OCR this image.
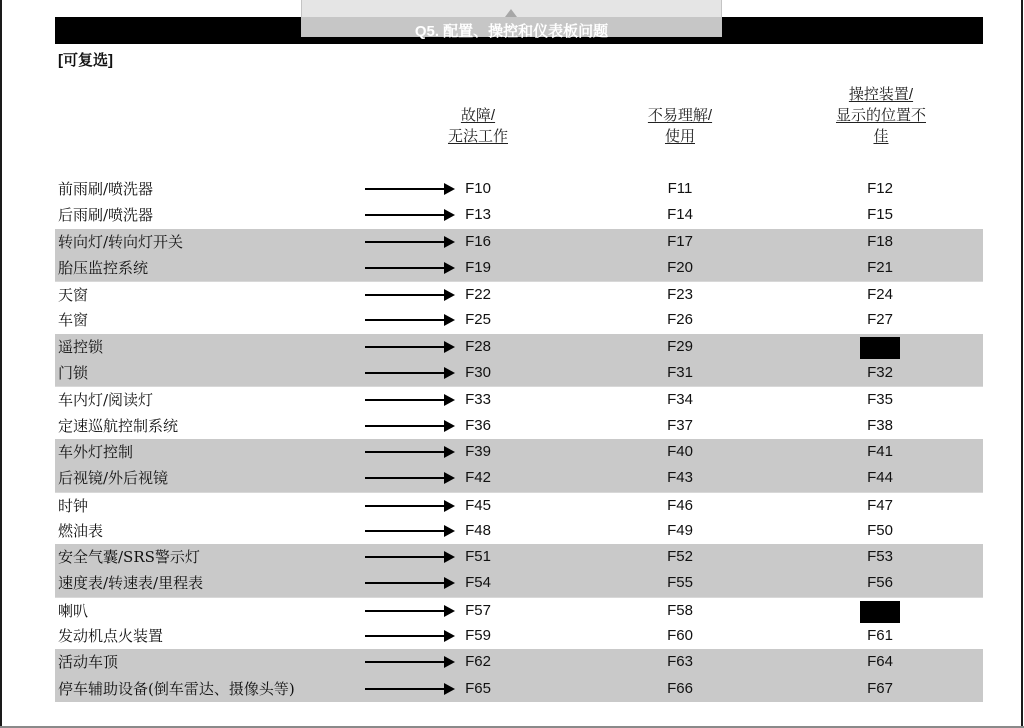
Q5. 配置、操控和仪表板问题
[可复选]
故障/
无法工作
不易理解/
使用
操控装置/
显示的位置不
佳
前雨刷/喷洗器	F10	F11	F12
后雨刷/喷洗器	F13	F14	F15
转向灯/转向灯开关	F16	F17	F18
胎压监控系统	F19	F20	F21
天窗	F22	F23	F24
车窗	F25	F26	F27
遥控锁	F28	F29
门锁	F30	F31	F32
车内灯/阅读灯	F33	F34	F35
定速巡航控制系统	F36	F37	F38
车外灯控制	F39	F40	F41
后视镜/外后视镜	F42	F43	F44
时钟	F45	F46	F47
燃油表	F48	F49	F50
安全气囊/SRS警示灯	F51	F52	F53
速度表/转速表/里程表	F54	F55	F56
喇叭	F57	F58
发动机点火装置	F59	F60	F61
活动车顶	F62	F63	F64
停车辅助设备(倒车雷达、摄像头等)	F65	F66	F67
